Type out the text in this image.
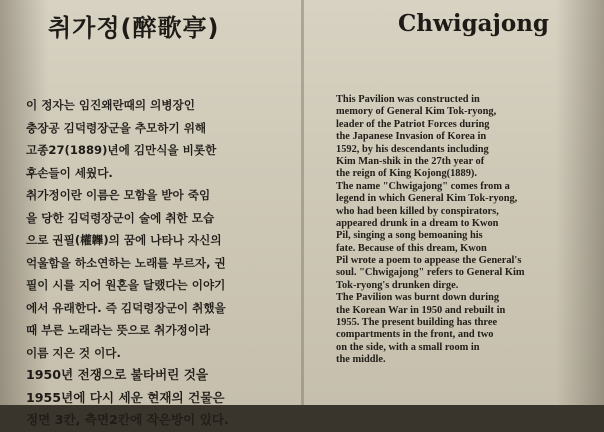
취가정(醉歌亭)	Chwigajong
이 정자는 임진왜란때의 의병장인
충장공 김덕령장군을 추모하기 위해
고종27(1889)년에 김만식을 비롯한
후손들이 세웠다.
취가정이란 이름은 모함을 받아 죽임
을 당한 김덕령장군이 술에 취한 모습
으로 권필(權韠)의 꿈에 나타나 자신의
억울함을 하소연하는 노래를 부르자, 권
필이 시를 지어 원혼을 달랬다는 이야기
에서 유래한다. 즉 김덕령장군이 취했을
때 부른 노래라는 뜻으로 취가정이라
이름 지은 것 이다.
1950년 전쟁으로 불타버린 것을
1955년에 다시 세운 현재의 건물은
정면 3칸, 측면2칸에 작은방이 있다.
This Pavilion was constructed in
memory of General Kim Tok-ryong,
leader of the Patriot Forces during
the Japanese Invasion of Korea in
1592, by his descendants including
Kim Man-shik in the 27th year of
the reign of King Kojong(1889).
The name "Chwigajong" comes from a
legend in which General Kim Tok-ryong,
who had been killed by conspirators,
appeared drunk in a dream to Kwon
Pil, singing a song bemoaning his
fate. Because of this dream, Kwon
Pil wrote a poem to appease the General's
soul. "Chwigajong" refers to General Kim
Tok-ryong's drunken dirge.
The Pavilion was burnt down during
the Korean War in 1950 and rebuilt in
1955. The present building has three
compartments in the front, and two
on the side, with a small room in
the middle.
